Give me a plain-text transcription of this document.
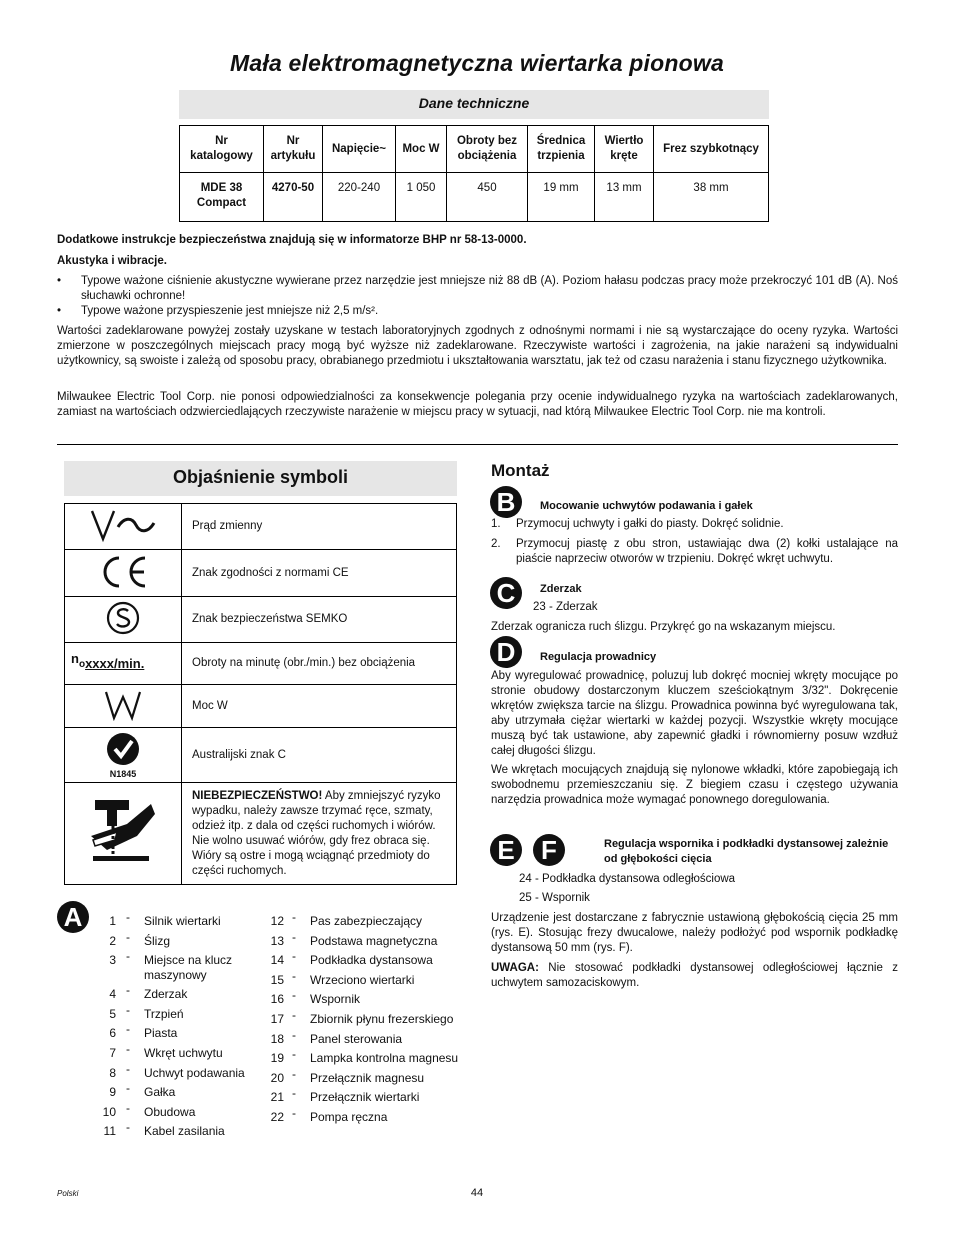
Mała elektromagnetyczna wiertarka pionowa
Dane techniczne
Nr katalogowy	Nr artykułu	Napięcie~	Moc W	Obroty bez obciążenia	Średnica trzpienia	Wiertło kręte	Frez szybkotnący
MDE 38 Compact	4270-50	220-240	1 050	450	19 mm	13 mm	38 mm
Dodatkowe instrukcje bezpieczeństwa znajdują się w informatorze BHP nr 58-13-0000.
Akustyka i wibracje.
• Typowe ważone ciśnienie akustyczne wywierane przez narzędzie jest mniejsze niż 88 dB (A). Poziom hałasu podczas pracy może przekroczyć 101 dB (A). Noś słuchawki ochronne!
• Typowe ważone przyspieszenie jest mniejsze niż 2,5 m/s².
Wartości zadeklarowane powyżej zostały uzyskane w testach laboratoryjnych zgodnych z odnośnymi normami i nie są wystarczające do oceny ryzyka. Wartości zmierzone w poszczególnych miejscach pracy mogą być wyższe niż zadeklarowane. Rzeczywiste wartości i zagrożenia, na jakie narażeni są indywidualni użytkownicy, są swoiste i zależą od sposobu pracy, obrabianego przedmiotu i ukształtowania warsztatu, jak też od czasu narażenia i stanu fizycznego użytkownika.
Milwaukee Electric Tool Corp. nie ponosi odpowiedzialności za konsekwencje polegania przy ocenie indywidualnego ryzyka na wartościach zadeklarowanych, zamiast na wartościach odzwierciedlających rzeczywiste narażenie w miejscu pracy w sytuacji, nad którą Milwaukee Electric Tool Corp. nie ma kontroli.
Objaśnienie symboli
	Prąd zmienny
	Znak zgodności z normami CE
	Znak bezpieczeństwa SEMKO
noxxxx/min.	Obroty na minutę (obr./min.) bez obciążenia
	Moc W

N1845	Australijski znak C
	NIEBEZPIECZEŃSTWO! Aby zmniejszyć ryzyko wypadku, należy zawsze trzymać ręce, szmaty, odzież itp. z dala od części ruchomych i wiórów. Nie wolno usuwać wiórów, gdy frez obraca się. Wióry są ostre i mogą wciągnąć przedmioty do części ruchomych.
A	1 - Silnik wiertarki
2 - Ślizg
3 - Miejsce na klucz maszynowy
4 - Zderzak
5 - Trzpień
6 - Piasta
7 - Wkręt uchwytu
8 - Uchwyt podawania
9 - Gałka
10 - Obudowa
11 - Kabel zasilania
12 - Pas zabezpieczający
13 - Podstawa magnetyczna
14 - Podkładka dystansowa
15 - Wrzeciono wiertarki
16 - Wspornik
17 - Zbiornik płynu frezerskiego
18 - Panel sterowania
19 - Lampka kontrolna magnesu
20 - Przełącznik magnesu
21 - Przełącznik wiertarki
22 - Pompa ręczna
Montaż
B	Mocowanie uchwytów podawania i gałek
1. Przymocuj uchwyty i gałki do piasty. Dokręć solidnie.
2. Przymocuj piastę z obu stron, ustawiając dwa (2) kołki ustalające na piaście naprzeciw otworów w trzpieniu. Dokręć wkręt uchwytu.
C	Zderzak
23 - Zderzak
Zderzak ogranicza ruch ślizgu. Przykręć go na wskazanym miejscu.
D	Regulacja prowadnicy
Aby wyregulować prowadnicę, poluzuj lub dokręć mocniej wkręty mocujące po stronie obudowy dostarczonym kluczem sześciokątnym 3/32". Dokręcenie wkrętów zwiększa tarcie na ślizgu. Prowadnica powinna być wyregulowana tak, aby utrzymała ciężar wiertarki w każdej pozycji. Wszystkie wkręty mocujące muszą być tak ustawione, aby zapewnić gładki i równomierny posuw wzdłuż całej długości ślizgu.
We wkrętach mocujących znajdują się nylonowe wkładki, które zapobiegają ich swobodnemu przemieszczaniu się. Z biegiem czasu i częstego używania narzędzia prowadnica może wymagać ponownego doregulowania.
E	F	Regulacja wspornika i podkładki dystansowej zależnie od głębokości cięcia
24 - Podkładka dystansowa odległościowa
25 - Wspornik
Urządzenie jest dostarczane z fabrycznie ustawioną głębokością cięcia 25 mm (rys. E). Stosując frezy dwucalowe, należy podłożyć pod wspornik podkładkę dystansową 50 mm (rys. F).
UWAGA: Nie stosować podkładki dystansowej odległościowej łącznie z uchwytem samozaciskowym.
Polski	44
